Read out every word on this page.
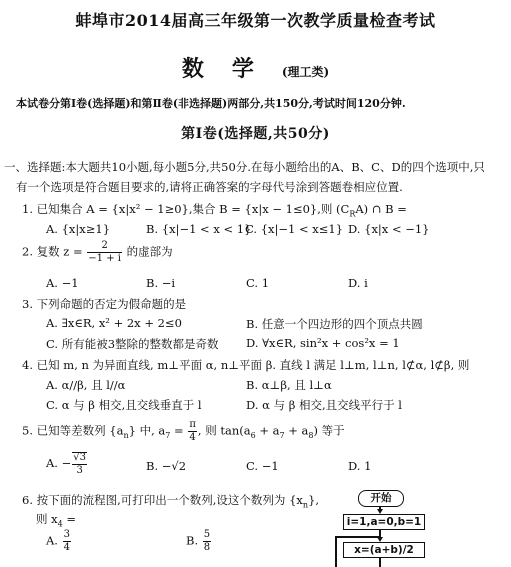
蚌埠市2014届高三年级第一次教学质量检查考试
数学(理工类)
本试卷分第Ⅰ卷(选择题)和第Ⅱ卷(非选择题)两部分,共150分,考试时间120分钟.
第Ⅰ卷(选择题,共50分)
一、选择题:本大题共10小题,每小题5分,共50分.在每小题给出的A、B、C、D的四个选项中,只
有一个选项是符合题目要求的,请将正确答案的字母代号涂到答题卷相应位置.
1. 已知集合 A = {x|x² − 1≥0},集合 B = {x|x − 1≤0},则 $(C_RA)$ ∩ B =
A. {x|x≥1}	B. {x|−1 < x < 1}
C. {x|−1 < x≤1} D. {x|x < −1}
2. 复数 $z = \frac{2}{-1 + i}$ 的虚部为
A. −1	B. −i	C. 1	D. i
3. 下列命题的否定为假命题的是
A. ∃x∈R, x² + 2x + 2≤0	B. 任意一个四边形的四个顶点共圆
C. 所有能被3整除的整数都是奇数 D. ∀x∈R, sin²x + cos²x = 1
4. 已知 m, n 为异面直线, m⊥平面 α, n⊥平面 β. 直线 l 满足 l⊥m, l⊥n, l⊄α, l⊄β, 则
A. α//β, 且 l//α	B. α⊥β, 且 l⊥α
C. α 与 β 相交,且交线垂直于 l	D. α 与 β 相交,且交线平行于 l
5. 已知等差数列 $\{a_n\}$ 中, $a_7 = \frac{\pi}{4}$ , 则 $\tan(a_6 + a_7 + a_8)$ 等于
A. − $\frac{√3}{3}$	B. −√2	C. −1	D. 1
6. 按下面的流程图,可打印出一个数列,设这个数列为 $\{x_n\}$,
则 $x_4$ =
A. $\frac{3}{4}$	B. $\frac{5}{8}$
开始
i=1,a=0,b=1
x=(a+b)/2
